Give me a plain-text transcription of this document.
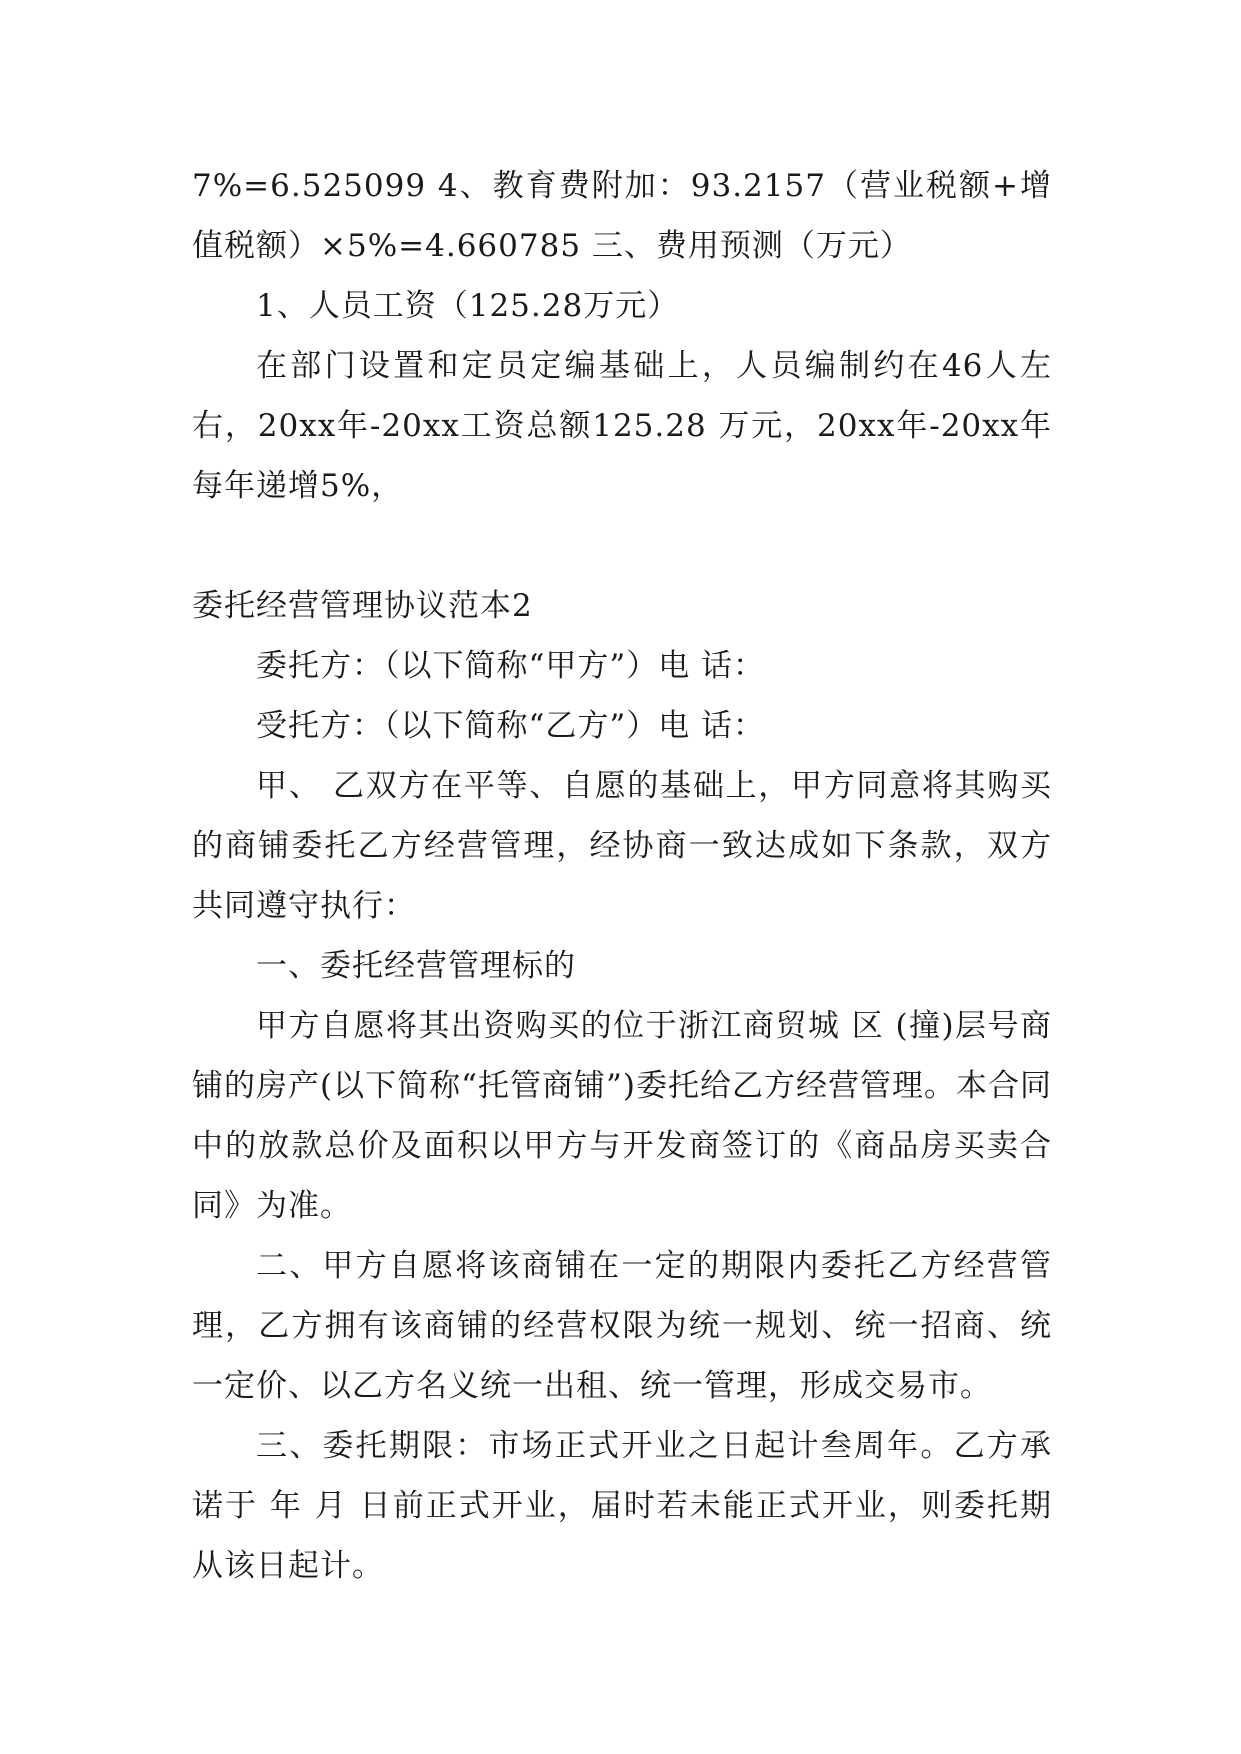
7%=6.525099 4、教育费附加：93.2157（营业税额+增值税额）×5%=4.660785 三、费用预测（万元）

1、人员工资（125.28万元）

在部门设置和定员定编基础上，人员编制约在46人左右，20xx年-20xx工资总额125.28 万元，20xx年-20xx年每年递增5%，

委托经营管理协议范本2

委托方：（以下简称“甲方”）电 话：

受托方：（以下简称“乙方”）电 话：

甲、 乙双方在平等、自愿的基础上，甲方同意将其购买的商铺委托乙方经营管理，经协商一致达成如下条款，双方共同遵守执行：

一、委托经营管理标的

甲方自愿将其出资购买的位于浙江商贸城 区 (撞)层号商铺的房产(以下简称“托管商铺”)委托给乙方经营管理。本合同中的放款总价及面积以甲方与开发商签订的《商品房买卖合同》为准。

二、甲方自愿将该商铺在一定的期限内委托乙方经营管理，乙方拥有该商铺的经营权限为统一规划、统一招商、统一定价、以乙方名义统一出租、统一管理，形成交易市。

三、委托期限：市场正式开业之日起计叁周年。乙方承诺于 年 月 日前正式开业，届时若未能正式开业，则委托期从该日起计。
